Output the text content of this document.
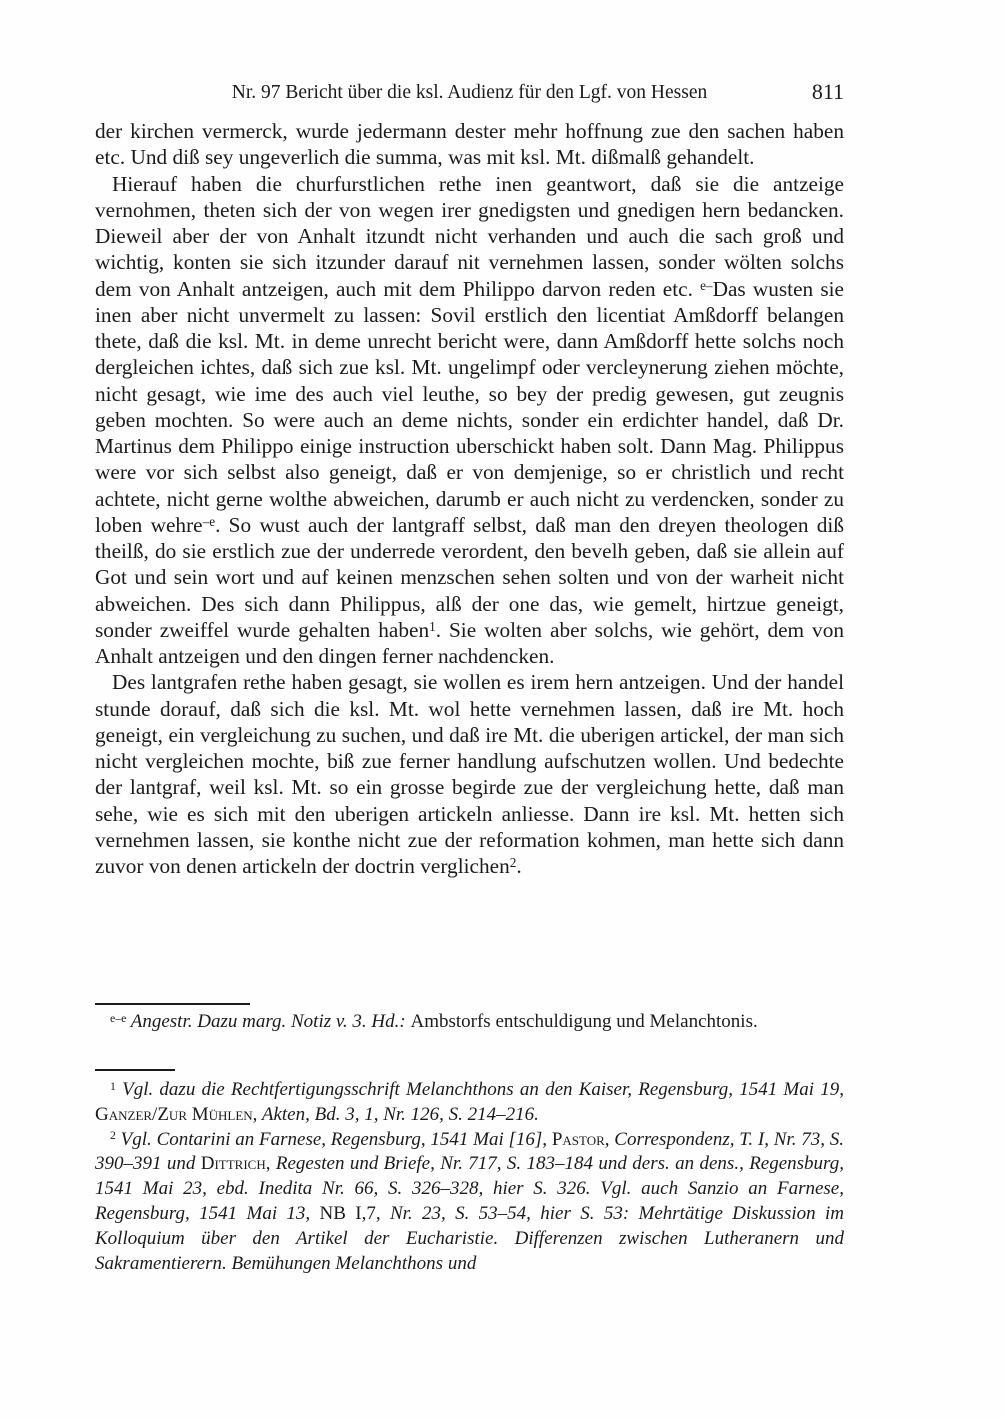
Nr. 97 Bericht über die ksl. Audienz für den Lgf. von Hessen	811

der kirchen vermerck, wurde jedermann dester mehr hoffnung zue den sachen haben etc. Und diß sey ungeverlich die summa, was mit ksl. Mt. dißmalß gehandelt.

Hierauf haben die churfurstlichen rethe inen geantwort, daß sie die antzeige vernohmen, theten sich der von wegen irer gnedigsten und gnedigen hern bedancken. Dieweil aber der von Anhalt itzundt nicht verhanden und auch die sach groß und wichtig, konten sie sich itzunder darauf nit vernehmen lassen, sonder wölten solchs dem von Anhalt antzeigen, auch mit dem Philippo darvon reden etc. $^{e-}$Das wusten sie inen aber nicht unvermelt zu lassen: Sovil erstlich den licentiat Amßdorff belangen thete, daß die ksl. Mt. in deme unrecht bericht were, dann Amßdorff hette solchs noch dergleichen ichtes, daß sich zue ksl. Mt. ungelimpf oder vercleynerung ziehen möchte, nicht gesagt, wie ime des auch viel leuthe, so bey der predig gewesen, gut zeugnis geben mochten. So were auch an deme nichts, sonder ein erdichter handel, daß Dr. Martinus dem Philippo einige instruction uberschickt haben solt. Dann Mag. Philippus were vor sich selbst also geneigt, daß er von demjenige, so er christlich und recht achtete, nicht gerne wolthe abweichen, darumb er auch nicht zu verdencken, sonder zu loben wehre$^{-e}$. So wust auch der lantgraff selbst, daß man den dreyen theologen diß theilß, do sie erstlich zue der underrede verordent, den bevelh geben, daß sie allein auf Got und sein wort und auf keinen menzschen sehen solten und von der warheit nicht abweichen. Des sich dann Philippus, alß der one das, wie gemelt, hirtzue geneigt, sonder zweiffel wurde gehalten haben$^1$. Sie wolten aber solchs, wie gehört, dem von Anhalt antzeigen und den dingen ferner nachdencken.

Des lantgrafen rethe haben gesagt, sie wollen es irem hern antzeigen. Und der handel stunde dorauf, daß sich die ksl. Mt. wol hette vernehmen lassen, daß ire Mt. hoch geneigt, ein vergleichung zu suchen, und daß ire Mt. die uberigen artickel, der man sich nicht vergleichen mochte, biß zue ferner handlung aufschutzen wollen. Und bedechte der lantgraf, weil ksl. Mt. so ein grosse begirde zue der vergleichung hette, daß man sehe, wie es sich mit den uberigen artickeln anliesse. Dann ire ksl. Mt. hetten sich vernehmen lassen, sie konthe nicht zue der reformation kohmen, man hette sich dann zuvor von denen artickeln der doctrin verglichen$^2$.

$^{e-e}$ Angestr. Dazu marg. Notiz v. 3. Hd.: Ambstorfs entschuldigung und Melanchtonis.

$^1$ Vgl. dazu die Rechtfertigungsschrift Melanchthons an den Kaiser, Regensburg, 1541 Mai 19, Ganzer/Zur Mühlen, Akten, Bd. 3, 1, Nr. 126, S. 214–216.

$^2$ Vgl. Contarini an Farnese, Regensburg, 1541 Mai [16], Pastor, Correspondenz, T. I, Nr. 73, S. 390–391 und Dittrich, Regesten und Briefe, Nr. 717, S. 183–184 und ders. an dens., Regensburg, 1541 Mai 23, ebd. Inedita Nr. 66, S. 326–328, hier S. 326. Vgl. auch Sanzio an Farnese, Regensburg, 1541 Mai 13, NB I,7, Nr. 23, S. 53–54, hier S. 53: Mehrtätige Diskussion im Kolloquium über den Artikel der Eucharistie. Differenzen zwischen Lutheranern und Sakramentierern. Bemühungen Melanchthons und
